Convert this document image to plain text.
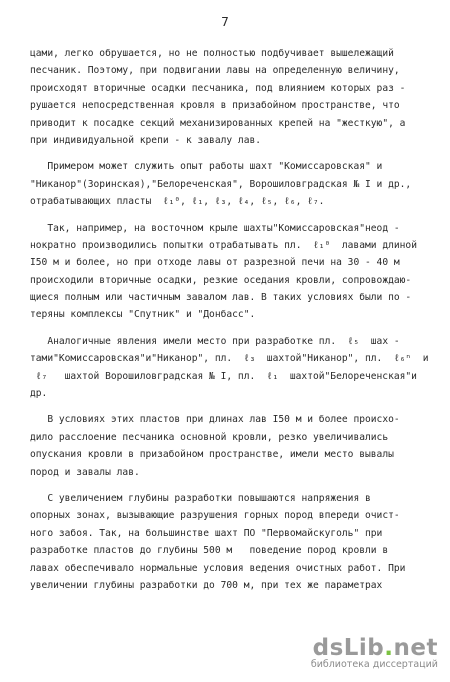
7
цами, легко обрушается, но не полностью подбучивает вышележащий
песчаник. Поэтому, при подвигании лавы на определенную величину,
происходят вторичные осадки песчаника, под влиянием которых раз -
рушается непосредственная кровля в призабойном пространстве, что
приводит к посадке секций механизированных крепей на "жесткую", а
при индивидуальной крепи - к завалу лав.
Примером может служить опыт работы шахт "Комиссаровская" и
"Никанор"(Зоринская),"Белореченская", Ворошиловградская № I и др.,
отрабатывающих пласты  ℓ₁⁰, ℓ₁, ℓ₃, ℓ₄, ℓ₅, ℓ₆, ℓ₇.
Так, например, на восточном крыле шахты"Комиссаровская"неод -
нократно производились попытки отрабатывать пл.  ℓ₁⁰  лавами длиной
I50 м и более, но при отходе лавы от разрезной печи на 30 - 40 м
происходили вторичные осадки, резкие оседания кровли, сопровождаю-
щиеся полным или частичным завалом лав. В таких условиях были по -
теряны комплексы "Спутник" и "Донбасс".
Аналогичные явления имели место при разработке пл.  ℓ₅  шах -
тами"Комиссаровская"и"Никанор", пл.  ℓ₃  шахтой"Никанор", пл.  ℓ₆ⁿ  и
ℓ₇   шахтой Ворошиловградская № I, пл.  ℓ₁  шахтой"Белореченская"и
др.
В условиях этих пластов при длинах лав I50 м и более происхо-
дило расслоение песчаника основной кровли, резко увеличивались
опускания кровли в призабойном пространстве, имели место вывалы
пород и завалы лав.
С увеличением глубины разработки повышаются напряжения в
опорных зонах, вызывающие разрушения горных пород впереди очист-
ного забоя. Так, на большинстве шахт ПО "Первомайскуголь" при
разработке пластов до глубины 500 м   поведение пород кровли в
лавах обеспечивало нормальные условия ведения очистных работ. При
увеличении глубины разработки до 700 м, при тех же параметрах
dsLib.net
библиотека диссертаций
